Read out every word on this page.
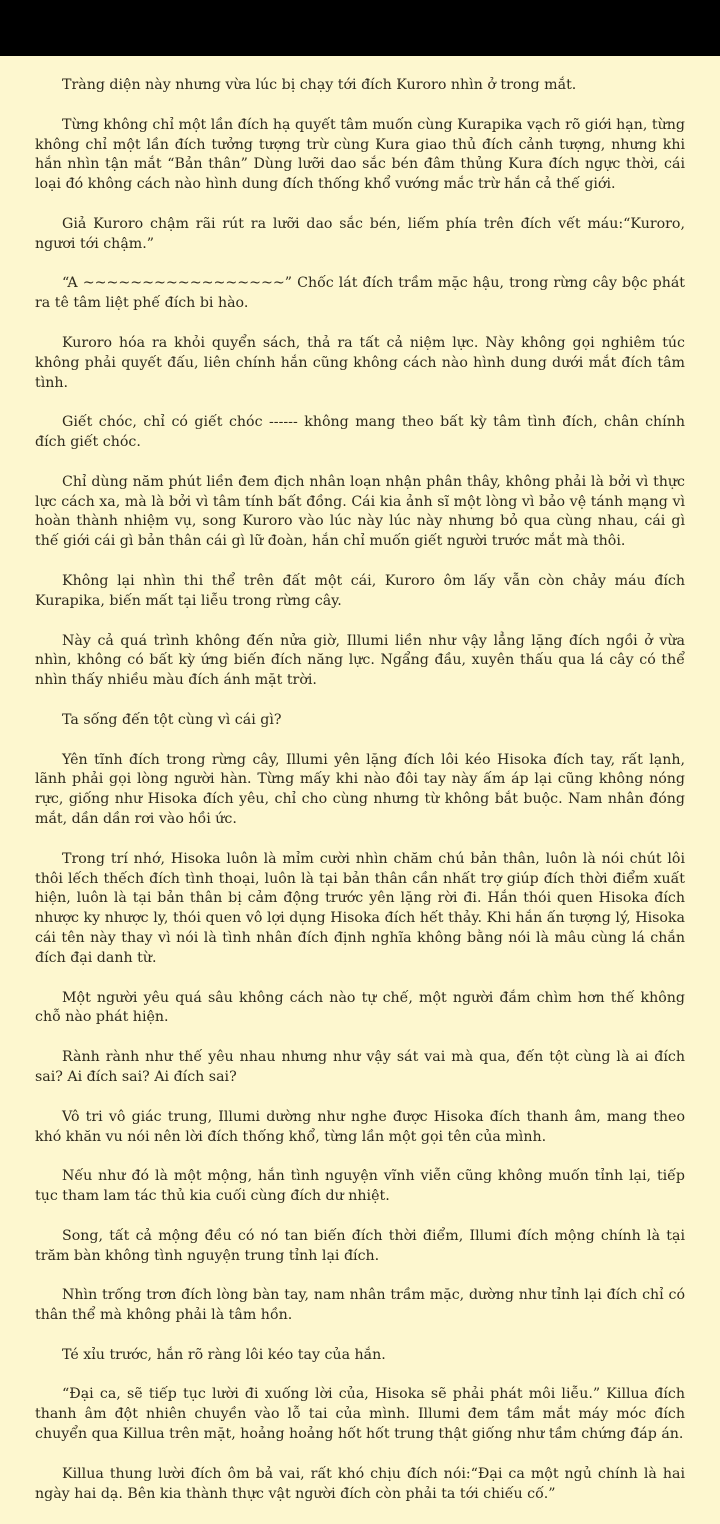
Tràng diện này nhưng vừa lúc bị chạy tới đích Kuroro nhìn ở trong mắt.

Từng không chỉ một lần đích hạ quyết tâm muốn cùng Kurapika vạch rõ giới hạn, từng không chỉ một lần đích tưởng tượng trừ cùng Kura giao thủ đích cảnh tượng, nhưng khi hắn nhìn tận mắt “Bản thân” Dùng lưỡi dao sắc bén đâm thủng Kura đích ngực thời, cái loại đó không cách nào hình dung đích thống khổ vướng mắc trừ hắn cả thế giới.

Giả Kuroro chậm rãi rút ra lưỡi dao sắc bén, liếm phía trên đích vết máu:“Kuroro, ngươi tới chậm.”

“A ~~~~~~~~~~~~~~~~~” Chốc lát đích trầm mặc hậu, trong rừng cây bộc phát ra tê tâm liệt phế đích bi hào.

Kuroro hóa ra khỏi quyển sách, thả ra tất cả niệm lực. Này không gọi nghiêm túc không phải quyết đấu, liên chính hắn cũng không cách nào hình dung dưới mắt đích tâm tình.

Giết chóc, chỉ có giết chóc ------ không mang theo bất kỳ tâm tình đích, chân chính đích giết chóc.

Chỉ dùng năm phút liền đem địch nhân loạn nhận phân thây, không phải là bởi vì thực lực cách xa, mà là bởi vì tâm tính bất đồng. Cái kia ảnh sĩ một lòng vì bảo vệ tánh mạng vì hoàn thành nhiệm vụ, song Kuroro vào lúc này lúc này nhưng bỏ qua cùng nhau, cái gì thế giới cái gì bản thân cái gì lữ đoàn, hắn chỉ muốn giết người trước mắt mà thôi.

Không lại nhìn thi thể trên đất một cái, Kuroro ôm lấy vẫn còn chảy máu đích Kurapika, biến mất tại liễu trong rừng cây.

Này cả quá trình không đến nửa giờ, Illumi liền như vậy lẳng lặng đích ngồi ở vừa nhìn, không có bất kỳ ứng biến đích năng lực. Ngẩng đầu, xuyên thấu qua lá cây có thể nhìn thấy nhiều màu đích ánh mặt trời.

Ta sống đến tột cùng vì cái gì?

Yên tĩnh đích trong rừng cây, Illumi yên lặng đích lôi kéo Hisoka đích tay, rất lạnh, lãnh phải gọi lòng người hàn. Từng mấy khi nào đôi tay này ấm áp lại cũng không nóng rực, giống như Hisoka đích yêu, chỉ cho cùng nhưng từ không bắt buộc. Nam nhân đóng mắt, dần dần rơi vào hồi ức.

Trong trí nhớ, Hisoka luôn là mỉm cười nhìn chăm chú bản thân, luôn là nói chút lôi thôi lếch thếch đích tình thoại, luôn là tại bản thân cần nhất trợ giúp đích thời điểm xuất hiện, luôn là tại bản thân bị cảm động trước yên lặng rời đi. Hắn thói quen Hisoka đích nhược ky nhược ly, thói quen vô lợi dụng Hisoka đích hết thảy. Khi hắn ấn tượng lý, Hisoka cái tên này thay vì nói là tình nhân đích định nghĩa không bằng nói là mâu cùng lá chắn đích đại danh từ.

Một người yêu quá sâu không cách nào tự chế, một người đắm chìm hơn thế không chỗ nào phát hiện.

Rành rành như thế yêu nhau nhưng như vậy sát vai mà qua, đến tột cùng là ai đích sai? Ai đích sai? Ai đích sai?

Vô tri vô giác trung, Illumi dường như nghe được Hisoka đích thanh âm, mang theo khó khăn vu nói nên lời đích thống khổ, từng lần một gọi tên của mình.

Nếu như đó là một mộng, hắn tình nguyện vĩnh viễn cũng không muốn tỉnh lại, tiếp tục tham lam tác thủ kia cuối cùng đích dư nhiệt.

Song, tất cả mộng đều có nó tan biến đích thời điểm, Illumi đích mộng chính là tại trăm bàn không tình nguyện trung tỉnh lại đích.

Nhìn trống trơn đích lòng bàn tay, nam nhân trầm mặc, dường như tỉnh lại đích chỉ có thân thể mà không phải là tâm hồn.

Té xỉu trước, hắn rõ ràng lôi kéo tay của hắn.

“Đại ca, sẽ tiếp tục lười đi xuống lời của, Hisoka sẽ phải phát môi liễu.” Killua đích thanh âm đột nhiên chuyền vào lỗ tai của mình. Illumi đem tầm mắt máy móc đích chuyển qua Killua trên mặt, hoảng hoảng hốt hốt trung thật giống như tầm chứng đáp án.

Killua thung lười đích ôm bả vai, rất khó chịu đích nói:“Đại ca một ngủ chính là hai ngày hai dạ. Bên kia thành thực vật người đích còn phải ta tới chiếu cố.”
